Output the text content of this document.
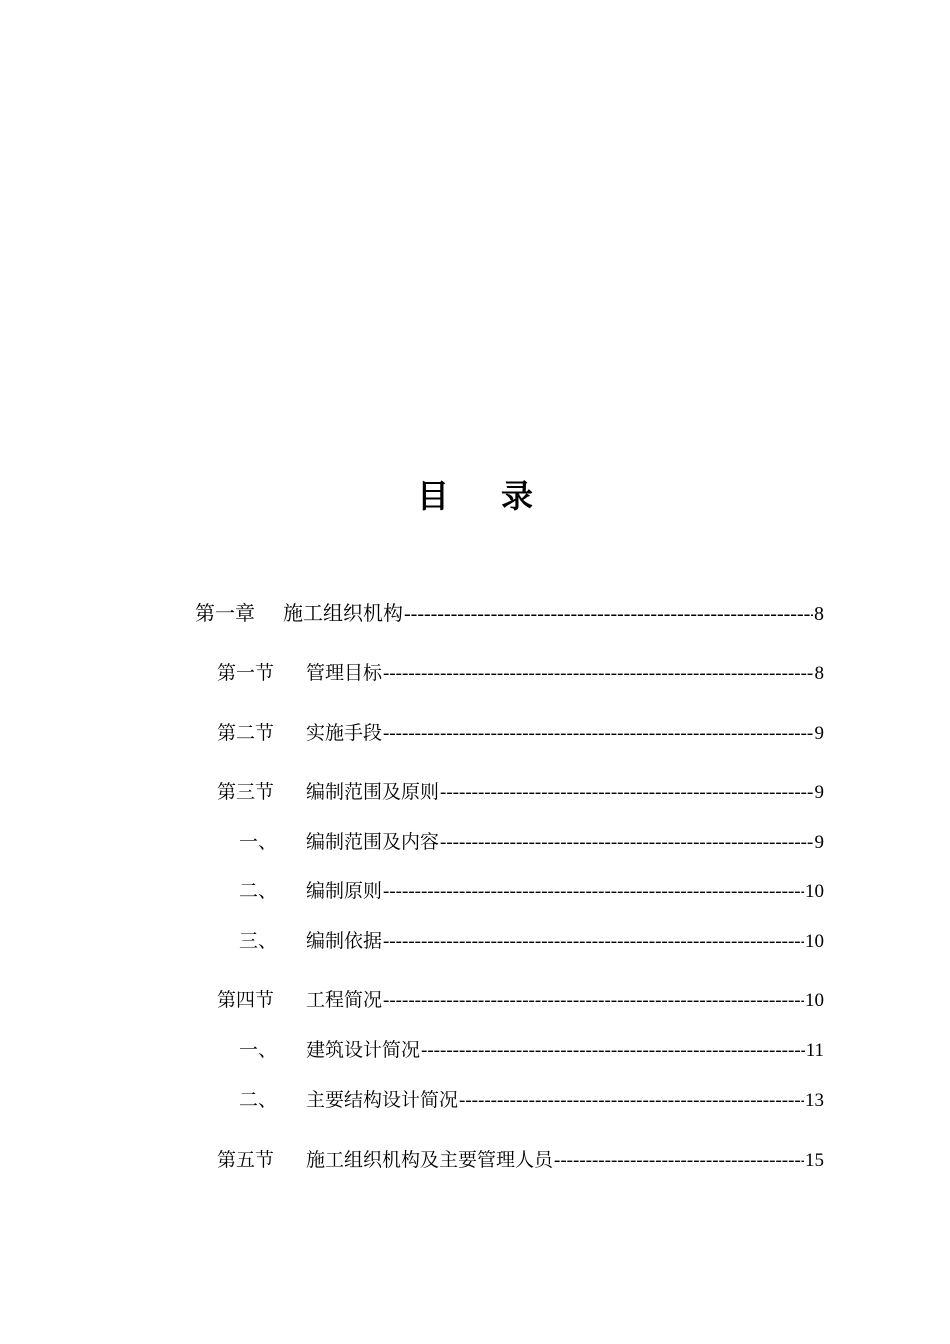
目 录
第一章	施工组织机构 -----	8
第一节	管理目标 -----	8
第二节	实施手段 -----	9
第三节	编制范围及原则 -----	9
一、	编制范围及内容 -----	9
二、	编制原则 -----	10
三、	编制依据 -----	10
第四节	工程简况 -----	10
一、	建筑设计简况 -----	11
二、	主要结构设计简况 -----	13
第五节	施工组织机构及主要管理人员 -----	15
